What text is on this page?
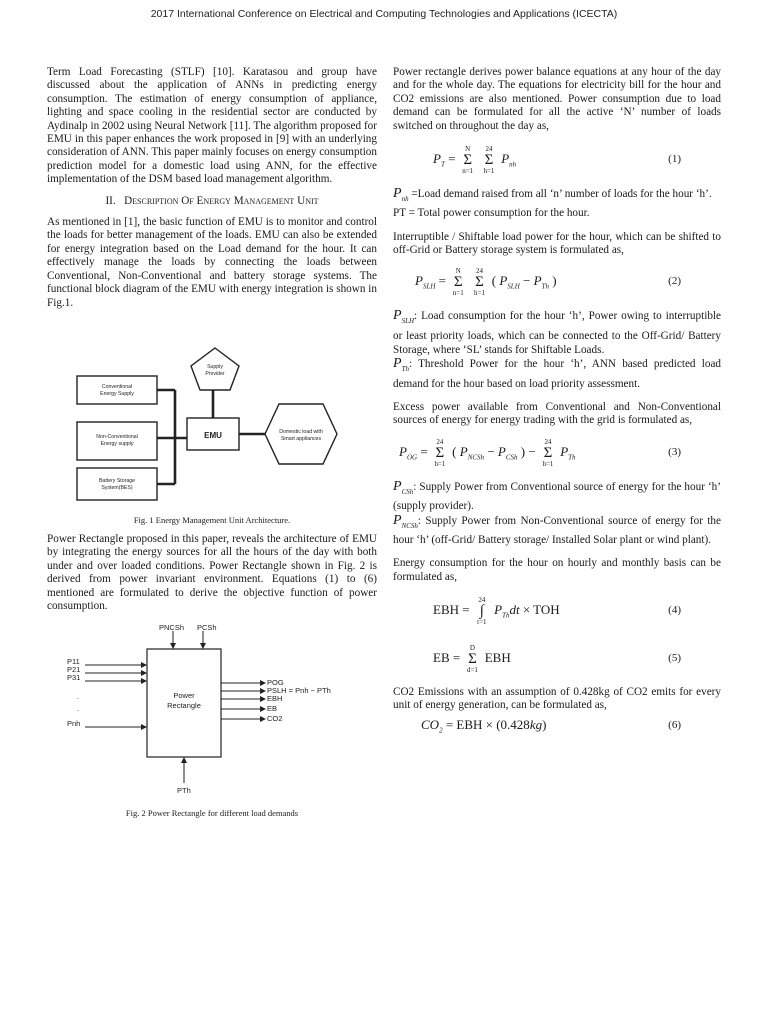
2017 International Conference on Electrical and Computing Technologies and Applications (ICECTA)

Term Load Forecasting (STLF) [10]. Karatasou and group have discussed about the application of ANNs in predicting energy consumption. The estimation of energy consumption of appliance, lighting and space cooling in the residential sector are conducted by Aydinalp in 2002 using Neural Network [11]. The algorithm proposed for EMU in this paper enhances the work proposed in [9] with an underlying consideration of ANN. This paper mainly focuses on energy consumption prediction model for a domestic load using ANN, for the effective implementation of the DSM based load management algorithm.

II. Description Of Energy Management Unit

As mentioned in [1], the basic function of EMU is to monitor and control the loads for better management of the loads. EMU can also be extended for energy integration based on the Load demand for the hour. It can effectively manage the loads by connecting the loads between Conventional, Non-Conventional and battery storage systems. The functional block diagram of the EMU with energy integration is shown in Fig.1.

Supply
Provider
Conventional
Energy Supply
Non-Conventional
Energy supply
Battery Storage
System(BES)
Domestic load with
Smart appliances
EMU
Fig. 1 Energy Management Unit Architecture.

Power Rectangle proposed in this paper, reveals the architecture of EMU by integrating the energy sources for all the hours of the day with both under and over loaded conditions. Power Rectangle shown in Fig. 2 is derived from power invariant environment. Equations (1) to (6) mentioned are formulated to derive the objective function of power consumption.

PNCSh PCSh
P11
P21
P31
.
.
Pnh
POG
PSLH = Pnh − PTh
EBH
EB
CO2
PTh
Power
Rectangle
Fig. 2 Power Rectangle for different load demands

Power rectangle derives power balance equations at any hour of the day and for the whole day. The equations for electricity bill for the hour and CO2 emissions are also mentioned. Power consumption due to load demand can be formulated for all the active ‘N’ number of loads switched on throughout the day as,

$P_T$ =
N
Σ
n=1

24
Σ
h=1
$P_{nh}$	(1)

$P_{nh}$ =Load demand raised from all ‘n’ number of loads for the hour ‘h’.

PT = Total power consumption for the hour.

Interruptible / Shiftable load power for the hour, which can be shifted to off-Grid or Battery storage system is formulated as,

$P_{SLH}$ =
N
Σ
n=1

24
Σ
h=1
( $P_{SLH} - P_{Th}$ )	(2)

$P_{SLH}$: Load consumption for the hour ‘h’, Power owing to interruptible or least priority loads, which can be connected to the Off-Grid/ Battery Storage, where ‘SL’ stands for Shiftable Loads.

$P_{Th}$: Threshold Power for the hour ‘h’, ANN based predicted load demand for the hour based on load priority assessment.

Excess power available from Conventional and Non-Conventional sources of energy for energy trading with the grid is formulated as,

$P_{OG}$ =
24
Σ
h=1
( $P_{NCSh} - P_{CSh}$ ) −
24
Σ
h=1
$P_{Th}$	(3)

$P_{CSh}$: Supply Power from Conventional source of energy for the hour ‘h’ (supply provider).

$P_{NCSh}$: Supply Power from Non-Conventional source of energy for the hour ‘h’ (off-Grid/ Battery storage/ Installed Solar plant or wind plant).

Energy consumption for the hour on hourly and monthly basis can be formulated as,

EBH =
24
∫
t=1
$P_{Th}dt$ × TOH	(4)
EB =
D
Σ
d=1
EBH	(5)

CO2 Emissions with an assumption of 0.428kg of CO2 emits for every unit of energy generation, can be formulated as,

$CO_2$ = EBH × (0.428kg)	(6)
